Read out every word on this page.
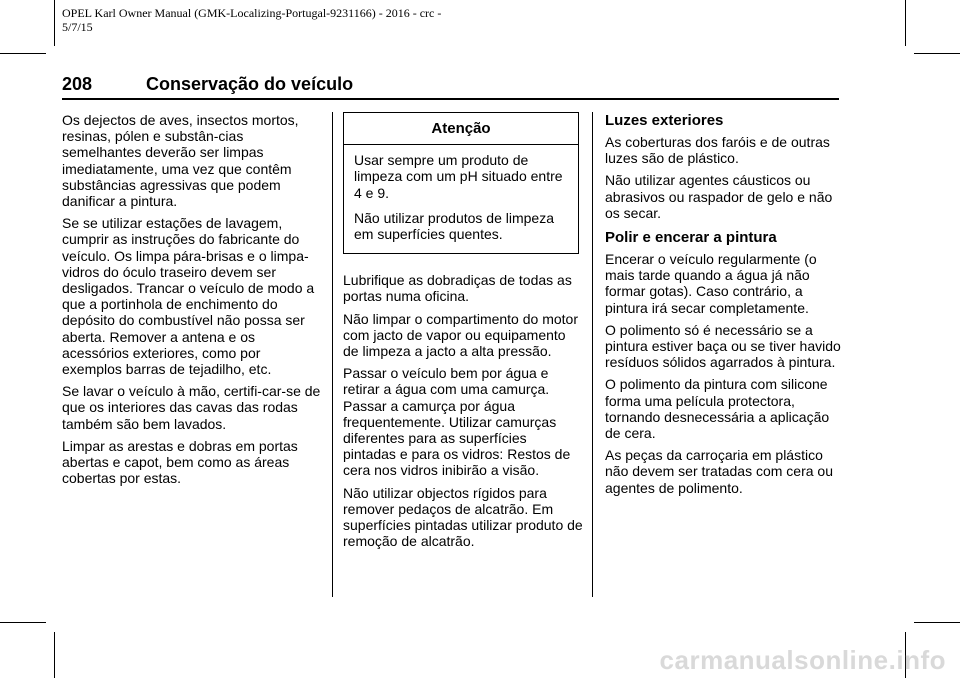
OPEL Karl Owner Manual (GMK-Localizing-Portugal-9231166) - 2016 - crc -
5/7/15
208	Conservação do veículo

Os dejectos de aves, insectos mortos, resinas, pólen e substân-cias semelhantes deverão ser limpas imediatamente, uma vez que contêm substâncias agressivas que podem danificar a pintura.

Se se utilizar estações de lavagem, cumprir as instruções do fabricante do veículo. Os limpa pára-brisas e o limpa-vidros do óculo traseiro devem ser desligados. Trancar o veículo de modo a que a portinhola de enchimento do depósito do combustível não possa ser aberta. Remover a antena e os acessórios exteriores, como por exemplos barras de tejadilho, etc.

Se lavar o veículo à mão, certifi-car-se de que os interiores das cavas das rodas também são bem lavados.

Limpar as arestas e dobras em portas abertas e capot, bem como as áreas cobertas por estas.

Atenção

Usar sempre um produto de limpeza com um pH situado entre 4 e 9.

Não utilizar produtos de limpeza em superfícies quentes.

Lubrifique as dobradiças de todas as portas numa oficina.

Não limpar o compartimento do motor com jacto de vapor ou equipamento de limpeza a jacto a alta pressão.

Passar o veículo bem por água e retirar a água com uma camurça. Passar a camurça por água frequentemente. Utilizar camurças diferentes para as superfícies pintadas e para os vidros: Restos de cera nos vidros inibirão a visão.

Não utilizar objectos rígidos para remover pedaços de alcatrão. Em superfícies pintadas utilizar produto de remoção de alcatrão.

Luzes exteriores

As coberturas dos faróis e de outras luzes são de plástico.

Não utilizar agentes cáusticos ou abrasivos ou raspador de gelo e não os secar.

Polir e encerar a pintura

Encerar o veículo regularmente (o mais tarde quando a água já não formar gotas). Caso contrário, a pintura irá secar completamente.

O polimento só é necessário se a pintura estiver baça ou se tiver havido resíduos sólidos agarrados à pintura.

O polimento da pintura com silicone forma uma película protectora, tornando desnecessária a aplicação de cera.

As peças da carroçaria em plástico não devem ser tratadas com cera ou agentes de polimento.

carmanualsonline.info
